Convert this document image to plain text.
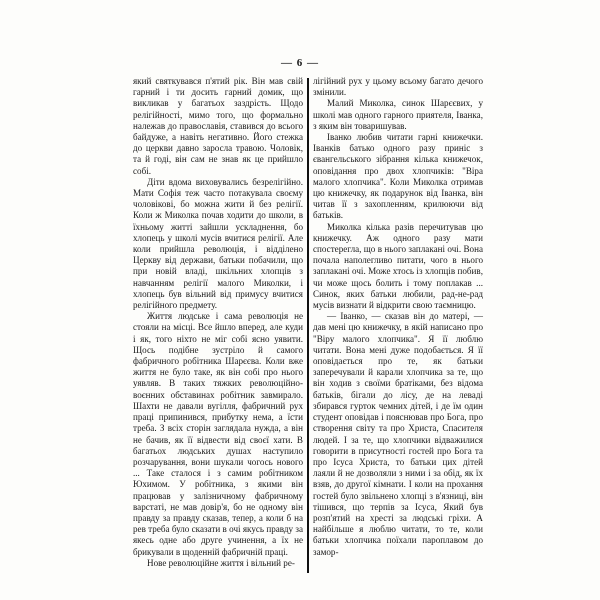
— 6 —

який святкувався п'ятий рік. Він мав свій гарний і ти досить гарний домик, що викликав у багатьох заздрість. Щодо релігійності, мимо того, що формально належав до православія, ставився до всього байдуже, а навіть негативно. Його стежка до церкви давно заросла травою. Чоловік, та й годі, він сам не знав як це прийшло собі.

Діти вдома виховувались безрелігійно. Мати Софія теж часто потакувала своєму чоловікові, бо можна жити й без релігії. Коли ж Миколка почав ходити до школи, в їхньому житті зайшли ускладнення, бо хлопець у школі мусів вчитися релігії. Але коли прийшла революція, і відділено Церкву від держави, батьки побачили, що при новій владі, шкільних хлопців з навчанням релігії малого Миколки, і хлопець був вільний від примусу вчитися релігійного предмету.

Життя людське і сама революція не стояли на місці. Все йшло вперед, але куди і як, того ніхто не міг собі ясно уявити. Щось подібне зустріло й самого фабричного робітника Шарєєва. Коли вже життя не було таке, як він собі про нього уявляв. В таких тяжких революційно-воєнних обставинах робітник завмирало. Шахти не давали вугілля, фабричний рух праці припинився, прибутку нема, а їсти треба. З всіх сторін заглядала нужда, а він не бачив, як її відвести від своєї хати. В багатьох людських душах наступило розчарування, вони шукали чогось нового ... Таке сталося і з самим робітником Юхимом. У робітника, з якими він працював у залізничному фабричному варстаті, не мав довір'я, бо не одному він правду за правду сказав, тепер, а коли б на рев треба було сказати в очі якусь правду за якесь одне або друге учинення, а їх не брикували в щоденній фабричній праці.

Нове революційне життя і вільний ре-

лігійний рух у цьому всьому багато дечого змінили.

Малий Миколка, синок Шарєєвих, у школі мав одного гарного приятеля, Іванка, з яким він товаришував.

Іванко любив читати гарні книжечки. Іванків батько одного разу приніс з євангельського зібрання кілька книжечок, оповідання про двох хлопчиків: "Віра малого хлопчика". Коли Миколка отримав цю книжечку, як подарунок від Іванка, він читав її з захопленням, крилюючи від батьків.

Миколка кілька разів перечитував цю книжечку. Аж одного разу мати спостерегла, що в нього заплакані очі. Вона почала наполегливо питати, чого в нього заплакані очі. Може хтось із хлопців побив, чи може щось болить і тому поплакав ... Синок, яких батьки любили, рад-не-рад мусів визнати й відкрити свою таємницю.

— Іванко, — сказав він до матері, — дав мені цю книжечку, в якій написано про "Віру малого хлопчика". Я її люблю читати. Вона мені дуже подобається. Я її оповідається про те, як батьки заперечували й карали хлопчика за те, що він ходив з своїми братіками, без відома батьків, бігали до лісу, де на леваді збирався гурток чемних дітей, і де їм один студент оповідав і пояснював про Бога, про створення світу та про Христа, Спасителя людей. І за те, що хлопчики відважилися говорити в присутності гостей про Бога та про Ісуса Христа, то батьки цих дітей лаяли й не дозволяли з ними і за обід, як їх взяв, до другої кімнати. І коли на прохання гостей було звільнено хлопці з в'язниці, він тішився, що терпів за Ісуса, Який був розп'ятий на хресті за людські гріхи. А найбільше я люблю читати, то те, коли батьки хлопчика поїхали пароплавом до замор-
